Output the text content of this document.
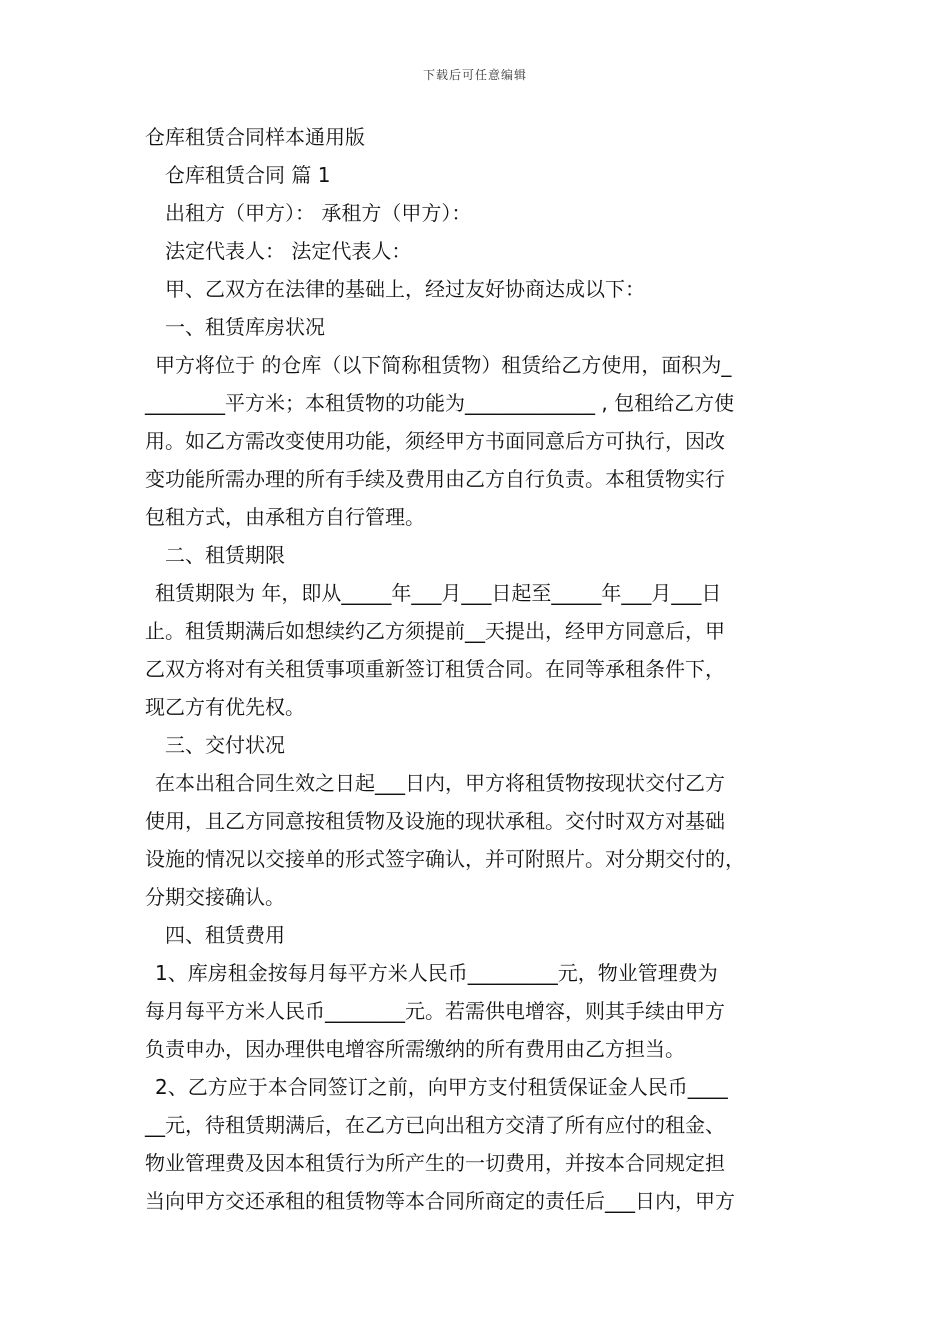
下载后可任意编辑
仓库租赁合同样本通用版
仓库租赁合同 篇 1
出租方（甲方）： 承租方（甲方）：
法定代表人： 法定代表人：
甲、乙双方在法律的基础上，经过友好协商达成以下：
一、租赁库房状况
甲方将位于 的仓库（以下简称租赁物）租赁给乙方使用，面积为_
________平方米；本租赁物的功能为_____________ , 包租给乙方使
用。如乙方需改变使用功能，须经甲方书面同意后方可执行，因改
变功能所需办理的所有手续及费用由乙方自行负责。本租赁物实行
包租方式，由承租方自行管理。
二、租赁期限
租赁期限为 年，即从_____年___月___日起至_____年___月___日
止。租赁期满后如想续约乙方须提前__天提出，经甲方同意后，甲
乙双方将对有关租赁事项重新签订租赁合同。在同等承租条件下，
现乙方有优先权。
三、交付状况
在本出租合同生效之日起___日内，甲方将租赁物按现状交付乙方
使用，且乙方同意按租赁物及设施的现状承租。交付时双方对基础
设施的情况以交接单的形式签字确认，并可附照片。对分期交付的，
分期交接确认。
四、租赁费用
1、库房租金按每月每平方米人民币_________元，物业管理费为
每月每平方米人民币________元。若需供电增容，则其手续由甲方
负责申办，因办理供电增容所需缴纳的所有费用由乙方担当。
2、乙方应于本合同签订之前，向甲方支付租赁保证金人民币____
__元，待租赁期满后，在乙方已向出租方交清了所有应付的租金、
物业管理费及因本租赁行为所产生的一切费用，并按本合同规定担
当向甲方交还承租的租赁物等本合同所商定的责任后___日内，甲方
